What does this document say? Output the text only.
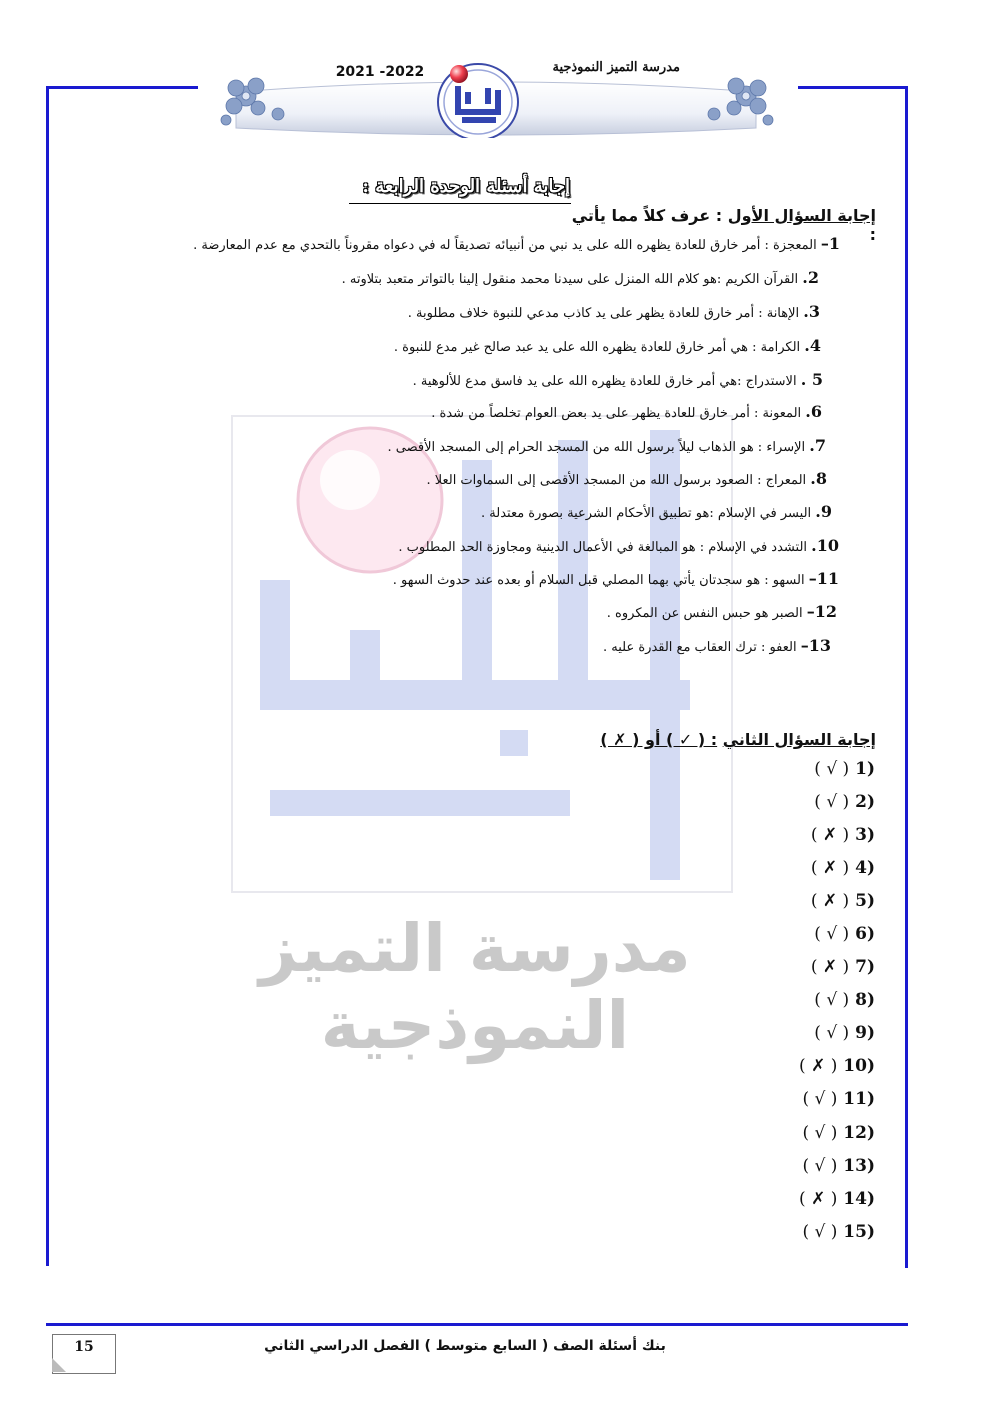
مدرسة التميز النموذجية
2021 -2022
مدرسة التميز النموذجية
إجابة أسئلة الوحدة الرابعة :
إجابة السؤال الأول : عرف كلاً مما يأتي :
1– المعجزة : أمر خارق للعادة يظهره الله على يد نبي من أنبيائه تصديقاً له في دعواه مقروناً بالتحدي مع عدم المعارضة .
2. القرآن الكريم :هو كلام الله المنزل على سيدنا محمد منقول إلينا بالتواتر متعبد بتلاوته .
3. الإهانة : أمر خارق للعادة يظهر على يد كاذب مدعي للنبوة خلاف مطلوبة .
4. الكرامة : هي أمر خارق للعادة يظهره الله على يد عبد صالح غير مدع للنبوة .
5 . الاستدراج :هي أمر خارق للعادة يظهره الله على يد فاسق مدع للألوهية .
6. المعونة : أمر خارق للعادة يظهر على يد بعض العوام تخلصاً من شدة .
7. الإسراء : هو الذهاب ليلاً برسول الله من المسجد الحرام إلى المسجد الأقصى .
8. المعراج : الصعود برسول الله من المسجد الأقصى إلى السماوات العلا .
9. اليسر في الإسلام :هو تطبيق الأحكام الشرعية بصورة معتدلة .
10. التشدد في الإسلام : هو المبالغة في الأعمال الدينية ومجاوزة الحد المطلوب .
11– السهو : هو سجدتان يأتي بهما المصلي قبل السلام أو بعده عند حدوث السهو .
12– الصبر هو حبس النفس عن المكروه .
13– العفو : ترك العقاب مع القدرة عليه .
إجابة السؤال الثاني : ( ✓ ) أو ( ✗ )
(1 ( √ )
(2 ( √ )
(3 ( ✗ )
(4 ( ✗ )
(5 ( ✗ )
(6 ( √ )
(7 ( ✗ )
(8 ( √ )
(9 ( √ )
(10 ( ✗ )
(11 ( √ )
(12 ( √ )
(13 ( √ )
(14 ( ✗ )
(15 ( √ )
15	بنك أسئلة الصف ( السابع متوسط ) الفصل الدراسي الثاني
